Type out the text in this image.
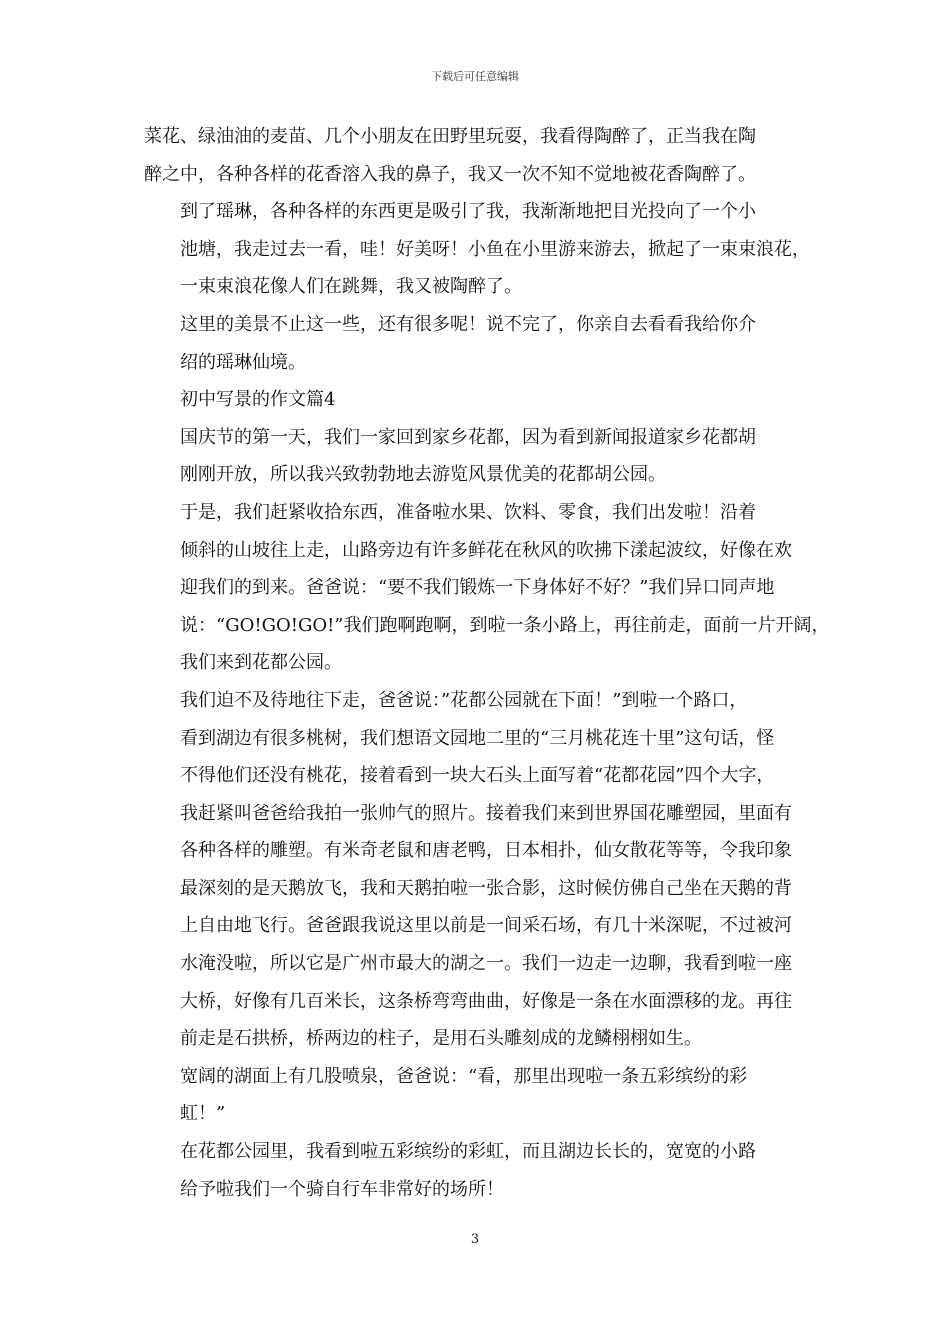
下载后可任意编辑

菜花、绿油油的麦苗、几个小朋友在田野里玩耍，我看得陶醉了，正当我在陶
醉之中，各种各样的花香溶入我的鼻子，我又一次不知不觉地被花香陶醉了。

到了瑶琳，各种各样的东西更是吸引了我，我渐渐地把目光投向了一个小
池塘，我走过去一看，哇！好美呀！小鱼在小里游来游去，掀起了一束束浪花，
一束束浪花像人们在跳舞，我又被陶醉了。

这里的美景不止这一些，还有很多呢！说不完了，你亲自去看看我给你介
绍的瑶琳仙境。

初中写景的作文篇4

国庆节的第一天，我们一家回到家乡花都，因为看到新闻报道家乡花都胡
刚刚开放，所以我兴致勃勃地去游览风景优美的花都胡公园。

于是，我们赶紧收拾东西，准备啦水果、饮料、零食，我们出发啦！沿着
倾斜的山坡往上走，山路旁边有许多鲜花在秋风的吹拂下漾起波纹，好像在欢
迎我们的到来。爸爸说：“要不我们锻炼一下身体好不好？”我们异口同声地
说：“GO!GO!GO!”我们跑啊跑啊，到啦一条小路上，再往前走，面前一片开阔，
我们来到花都公园。

我们迫不及待地往下走，爸爸说：”花都公园就在下面！”到啦一个路口，
看到湖边有很多桃树，我们想语文园地二里的“三月桃花连十里”这句话，怪
不得他们还没有桃花，接着看到一块大石头上面写着“花都花园”四个大字，
我赶紧叫爸爸给我拍一张帅气的照片。接着我们来到世界国花雕塑园，里面有
各种各样的雕塑。有米奇老鼠和唐老鸭，日本相扑，仙女散花等等，令我印象
最深刻的是天鹅放飞，我和天鹅拍啦一张合影，这时候仿佛自己坐在天鹅的背
上自由地飞行。爸爸跟我说这里以前是一间采石场，有几十米深呢，不过被河
水淹没啦，所以它是广州市最大的湖之一。我们一边走一边聊，我看到啦一座
大桥，好像有几百米长，这条桥弯弯曲曲，好像是一条在水面漂移的龙。再往
前走是石拱桥，桥两边的柱子，是用石头雕刻成的龙鳞栩栩如生。

宽阔的湖面上有几股喷泉，爸爸说：“看，那里出现啦一条五彩缤纷的彩
虹！”

在花都公园里，我看到啦五彩缤纷的彩虹，而且湖边长长的，宽宽的小路
给予啦我们一个骑自行车非常好的场所！

3
